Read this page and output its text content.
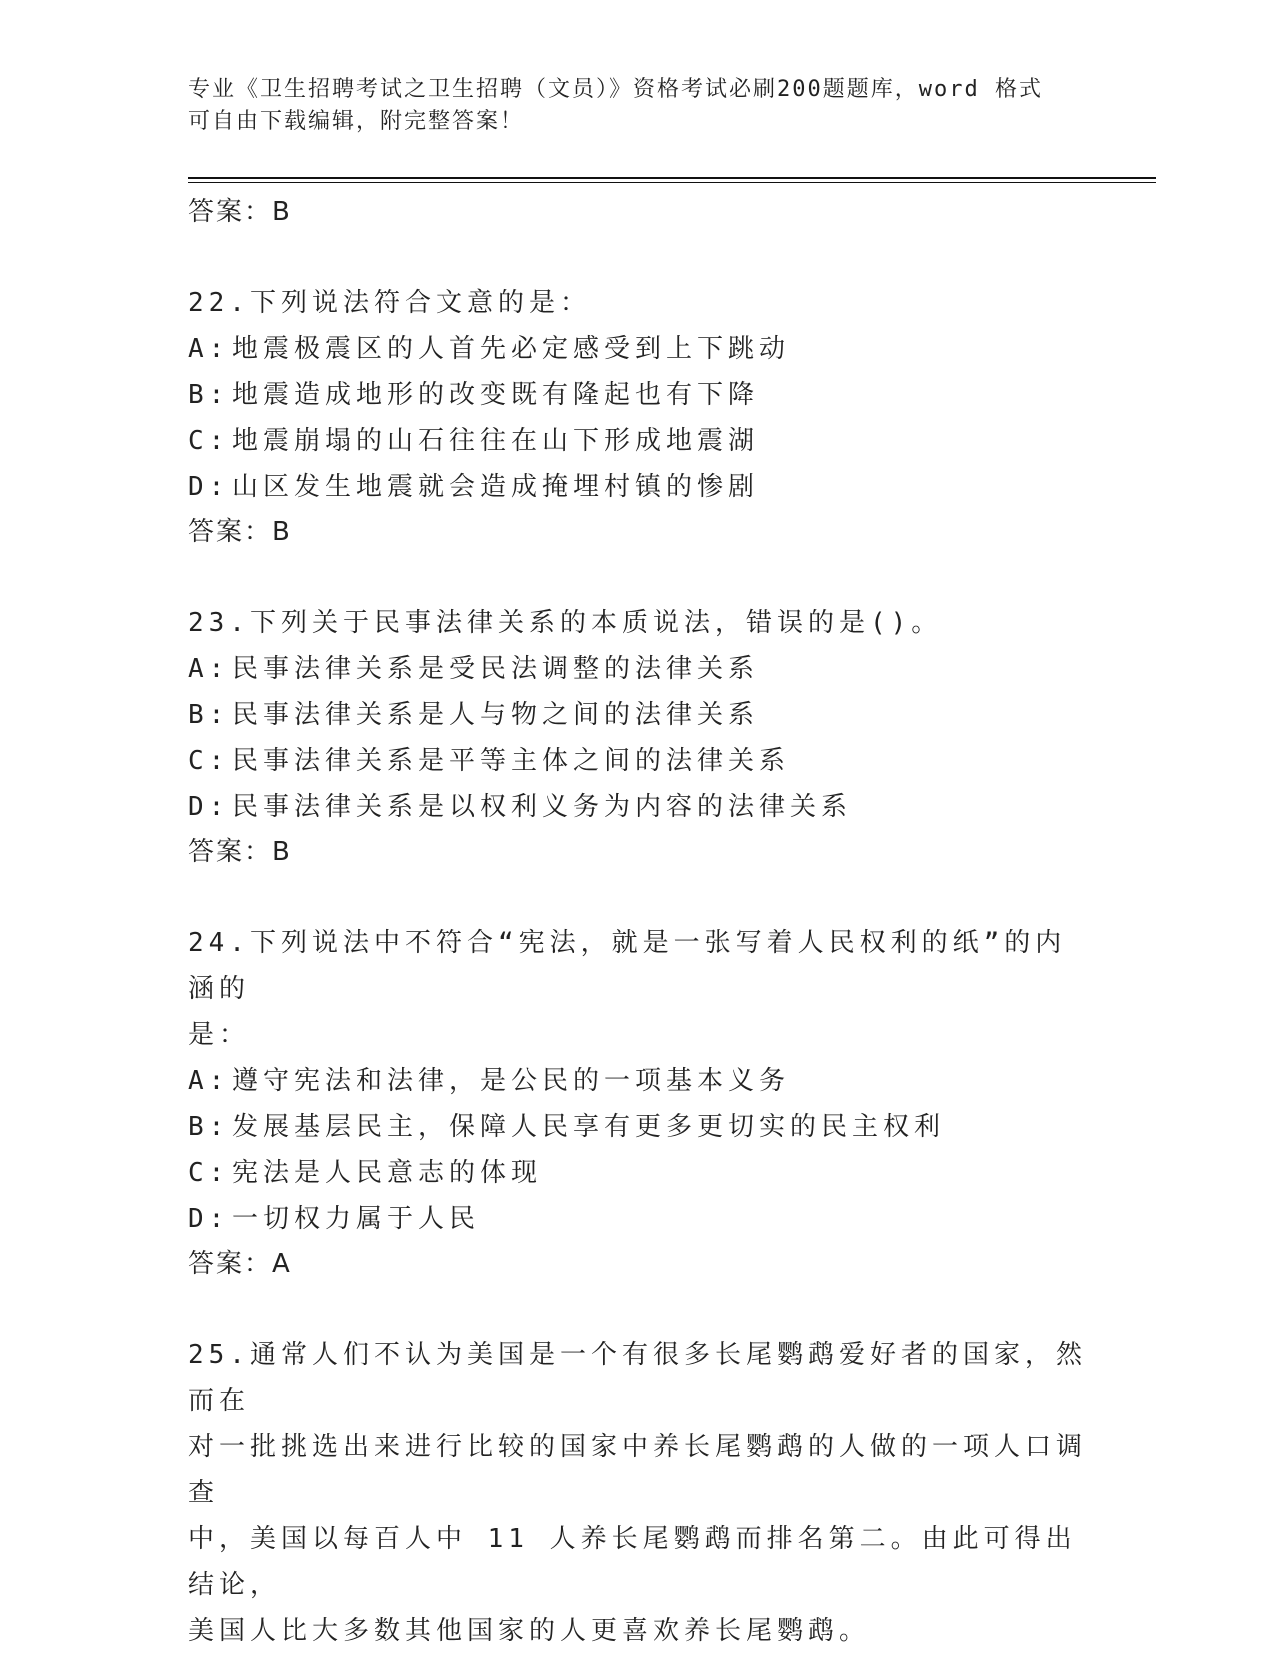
专业《卫生招聘考试之卫生招聘（文员）》资格考试必刷200题题库，word 格式
可自由下载编辑，附完整答案！
答案：B
22.下列说法符合文意的是：
A: 地震极震区的人首先必定感受到上下跳动
B: 地震造成地形的改变既有隆起也有下降
C: 地震崩塌的山石往往在山下形成地震湖
D: 山区发生地震就会造成掩埋村镇的惨剧
答案：B
23.下列关于民事法律关系的本质说法，错误的是()。
A: 民事法律关系是受民法调整的法律关系
B: 民事法律关系是人与物之间的法律关系
C: 民事法律关系是平等主体之间的法律关系
D: 民事法律关系是以权利义务为内容的法律关系
答案：B
24.下列说法中不符合“宪法，就是一张写着人民权利的纸”的内涵的
是：
A: 遵守宪法和法律，是公民的一项基本义务
B: 发展基层民主，保障人民享有更多更切实的民主权利
C: 宪法是人民意志的体现
D: 一切权力属于人民
答案：A
25.通常人们不认为美国是一个有很多长尾鹦鹉爱好者的国家，然而在
对一批挑选出来进行比较的国家中养长尾鹦鹉的人做的一项人口调查
中，美国以每百人中 11 人养长尾鹦鹉而排名第二。由此可得出结论，
美国人比大多数其他国家的人更喜欢养长尾鹦鹉。
